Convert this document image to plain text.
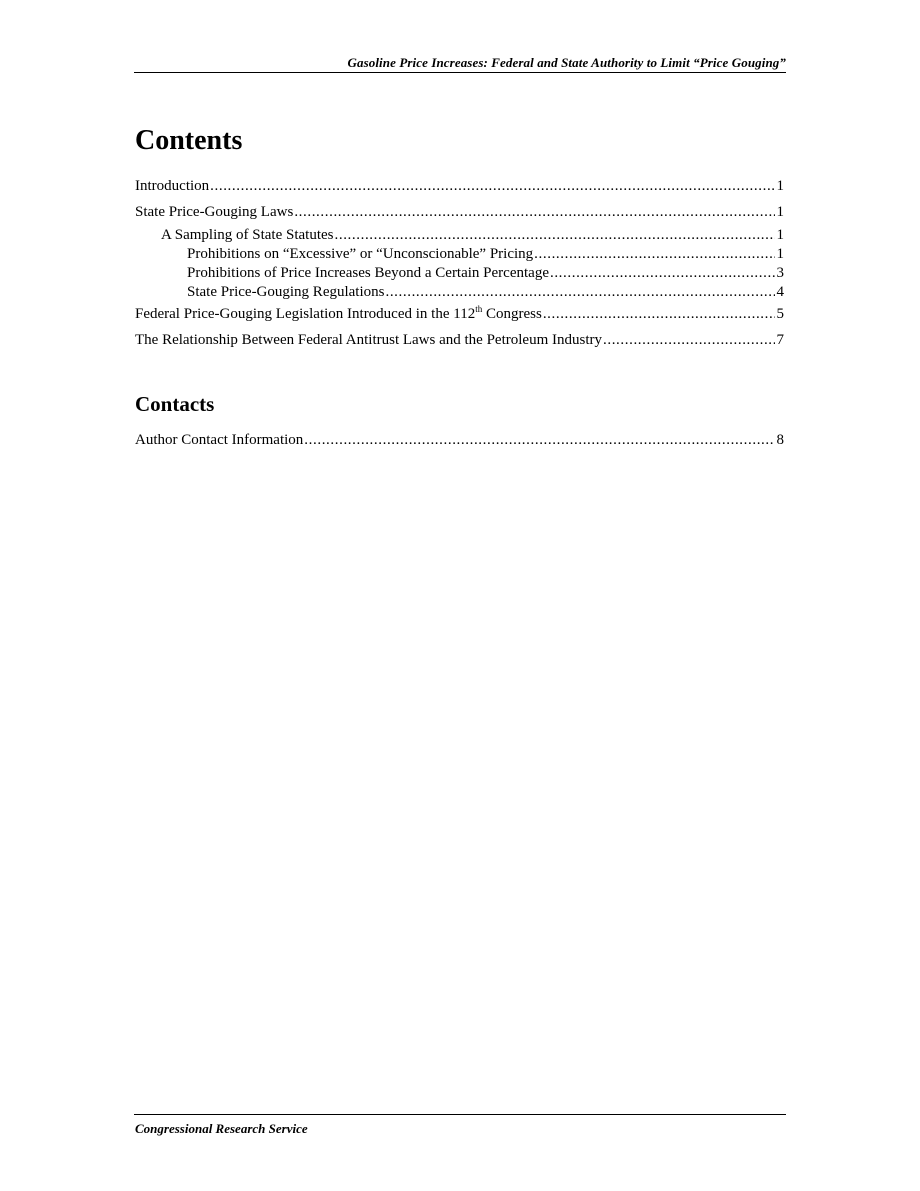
Gasoline Price Increases: Federal and State Authority to Limit “Price Gouging”
Contents
Introduction .....	1
State Price-Gouging Laws .....	1
A Sampling of State Statutes .....	1
Prohibitions on “Excessive” or “Unconscionable” Pricing .....	1
Prohibitions of Price Increases Beyond a Certain Percentage .....	3
State Price-Gouging Regulations .....	4
Federal Price-Gouging Legislation Introduced in the 112th Congress .....	5
The Relationship Between Federal Antitrust Laws and the Petroleum Industry .....	7
Contacts
Author Contact Information .....	8
Congressional Research Service
